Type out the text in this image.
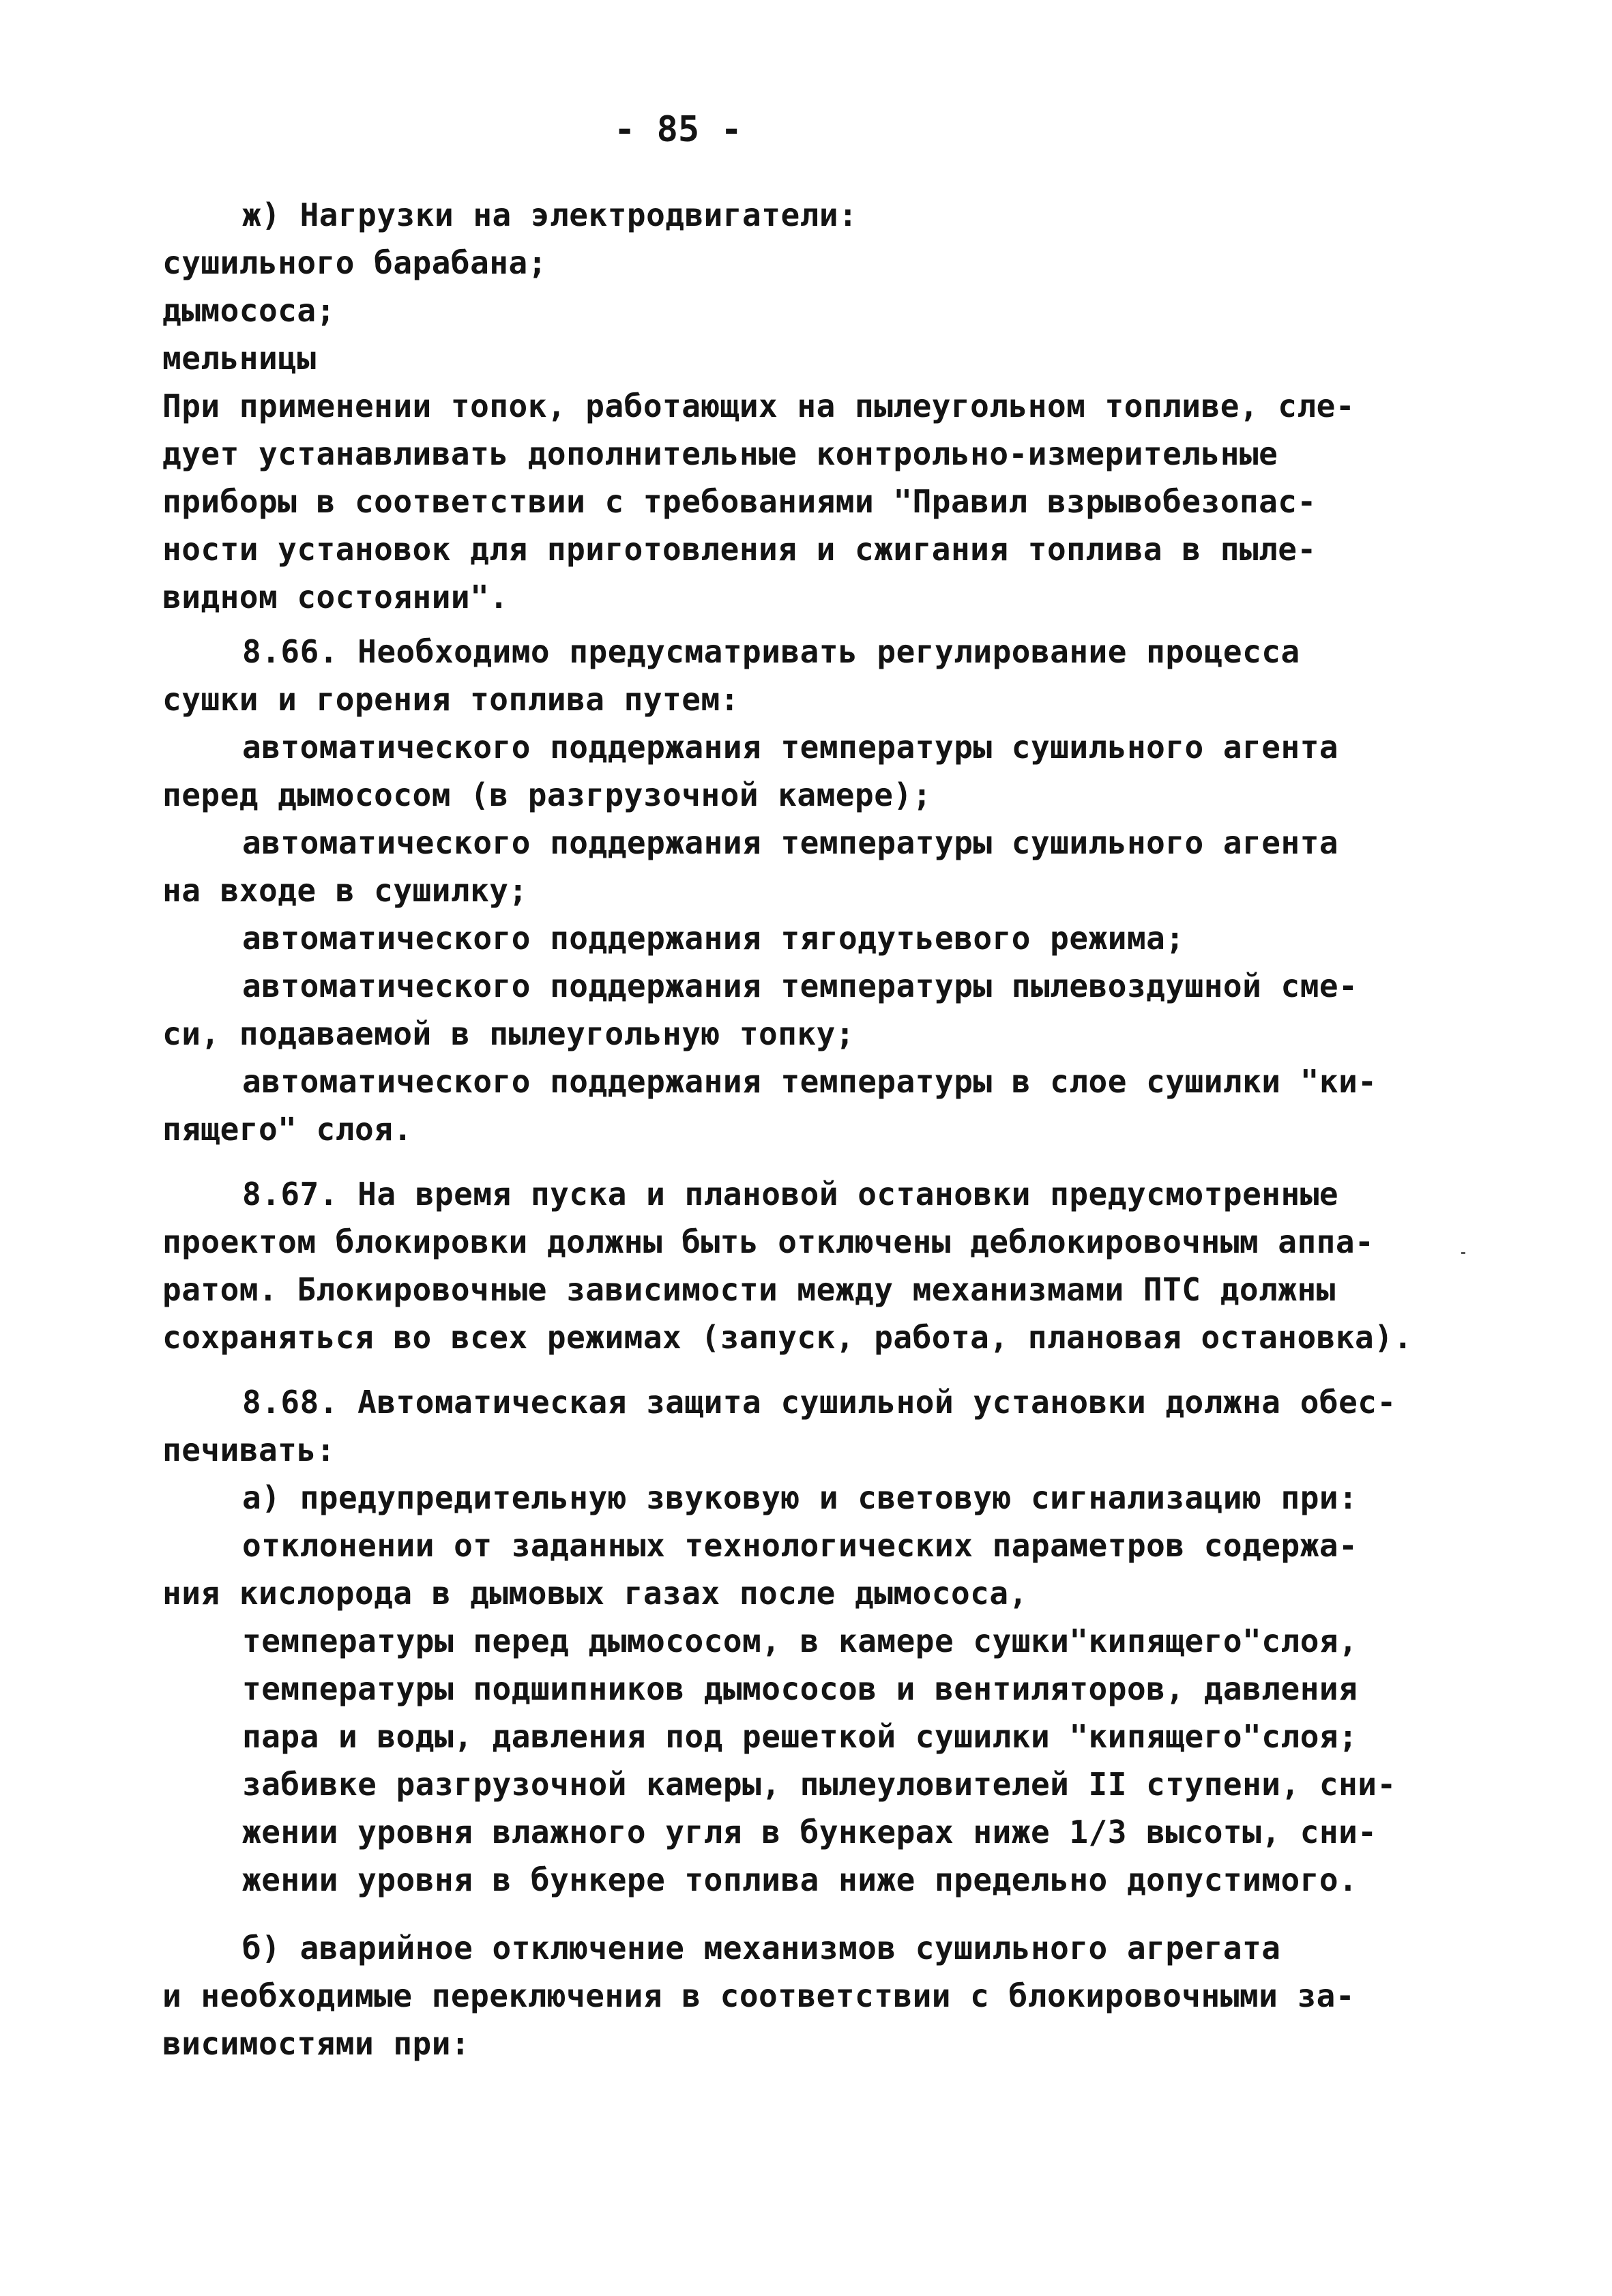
- 85 -
ж) Нагрузки на электродвигатели:
сушильного барабана;
дымососа;
мельницы
При применении топок, работающих на пылеугольном топливе, сле-
дует устанавливать дополнительные контрольно-измерительные
приборы в соответствии с требованиями "Правил взрывобезопас-
ности установок для приготовления и сжигания топлива в пыле-
видном состоянии".
8.66. Необходимо предусматривать регулирование процесса
сушки и горения топлива путем:
автоматического поддержания температуры сушильного агента
перед дымососом (в разгрузочной камере);
автоматического поддержания температуры сушильного агента
на входе в сушилку;
автоматического поддержания тягодутьевого режима;
автоматического поддержания температуры пылевоздушной сме-
си, подаваемой в пылеугольную топку;
автоматического поддержания температуры в слое сушилки "ки-
пящего" слоя.
8.67. На время пуска и плановой остановки предусмотренные
проектом блокировки должны быть отключены деблокировочным аппа-
ратом. Блокировочные зависимости между механизмами ПТС должны
сохраняться во всех режимах (запуск, работа, плановая остановка).
8.68. Автоматическая защита сушильной установки должна обес-
печивать:
а) предупредительную звуковую и световую сигнализацию при:
отклонении от заданных технологических параметров содержа-
ния кислорода в дымовых газах после дымососа,
температуры перед дымососом, в камере сушки"кипящего"слоя,
температуры подшипников дымососов и вентиляторов, давления
пара и воды, давления под решеткой сушилки "кипящего"слоя;
забивке разгрузочной камеры, пылеуловителей II ступени, сни-
жении уровня влажного угля в бункерах ниже 1/3 высоты, сни-
жении уровня в бункере топлива ниже предельно допустимого.
б) аварийное отключение механизмов сушильного агрегата
и необходимые переключения в соответствии с блокировочными за-
висимостями при:
